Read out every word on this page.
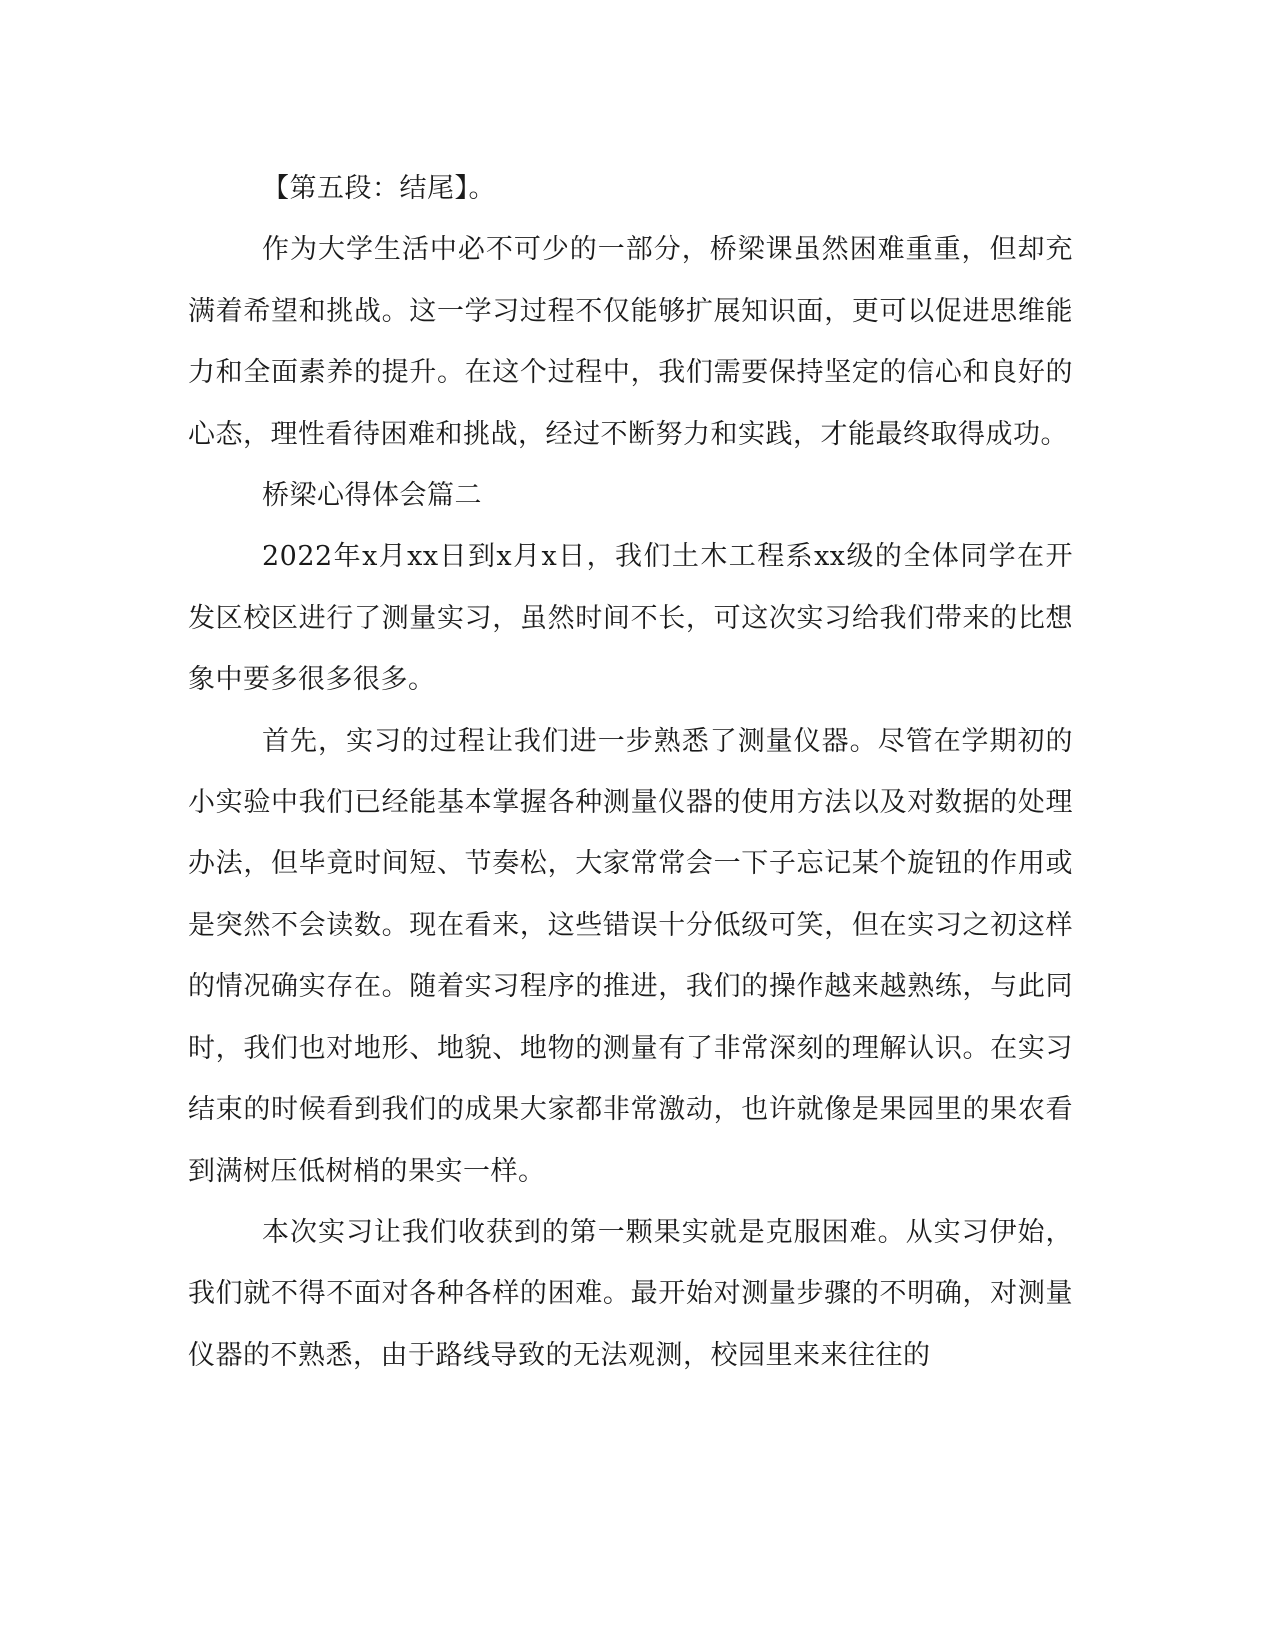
【第五段：结尾】。

作为大学生活中必不可少的一部分，桥梁课虽然困难重重，但却充满着希望和挑战。这一学习过程不仅能够扩展知识面，更可以促进思维能力和全面素养的提升。在这个过程中，我们需要保持坚定的信心和良好的心态，理性看待困难和挑战，经过不断努力和实践，才能最终取得成功。

桥梁心得体会篇二

2022年x月xx日到x月x日，我们土木工程系xx级的全体同学在开发区校区进行了测量实习，虽然时间不长，可这次实习给我们带来的比想象中要多很多很多。

首先，实习的过程让我们进一步熟悉了测量仪器。尽管在学期初的小实验中我们已经能基本掌握各种测量仪器的使用方法以及对数据的处理办法，但毕竟时间短、节奏松，大家常常会一下子忘记某个旋钮的作用或是突然不会读数。现在看来，这些错误十分低级可笑，但在实习之初这样的情况确实存在。随着实习程序的推进，我们的操作越来越熟练，与此同时，我们也对地形、地貌、地物的测量有了非常深刻的理解认识。在实习结束的时候看到我们的成果大家都非常激动，也许就像是果园里的果农看到满树压低树梢的果实一样。

本次实习让我们收获到的第一颗果实就是克服困难。从实习伊始，我们就不得不面对各种各样的困难。最开始对测量步骤的不明确，对测量仪器的不熟悉，由于路线导致的无法观测，校园里来来往往的
